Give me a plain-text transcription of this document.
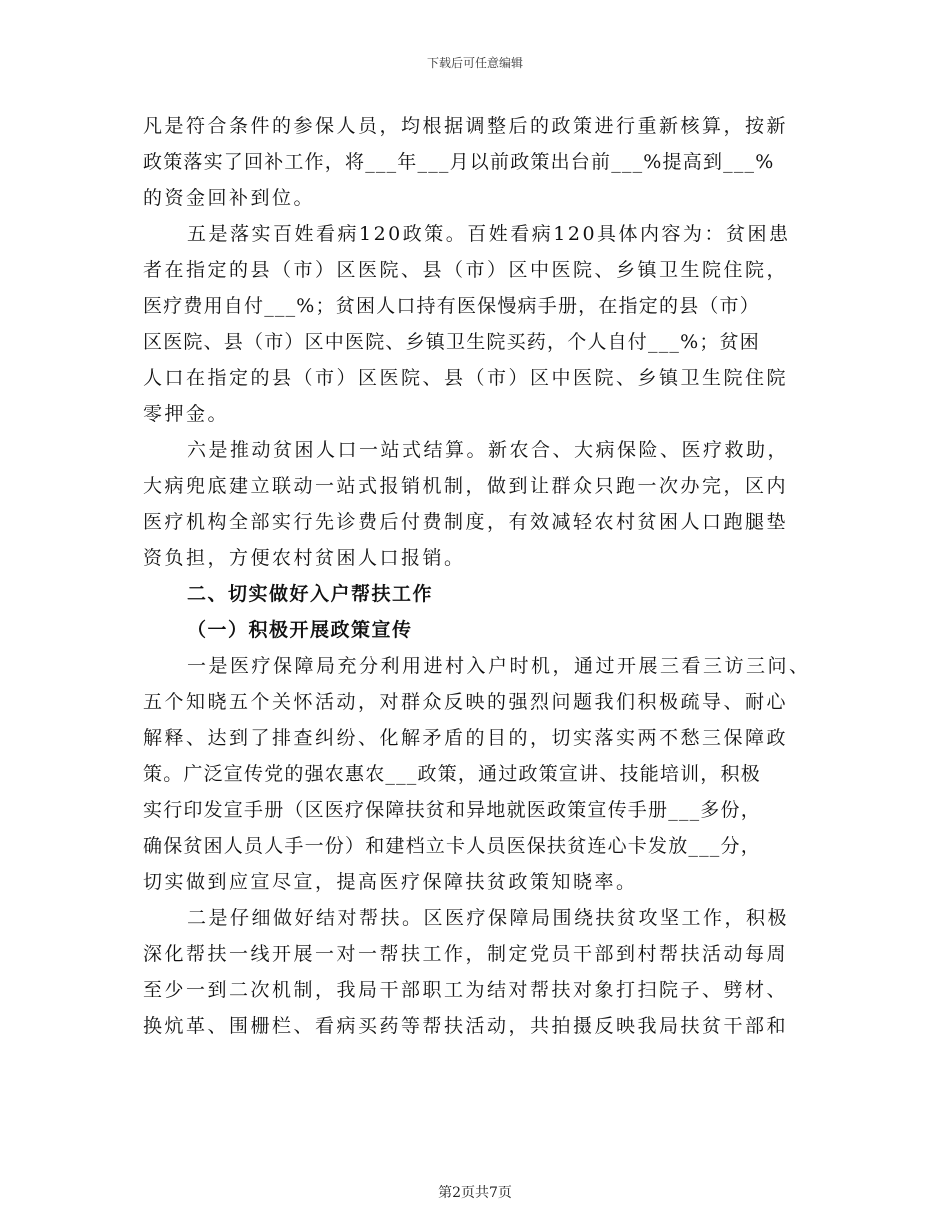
下载后可任意编辑

凡是符合条件的参保人员，均根据调整后的政策进行重新核算，按新

政策落实了回补工作，将___年___月以前政策出台前___%提高到___%

的资金回补到位。

五是落实百姓看病120政策。百姓看病120具体内容为：贫困患

者在指定的县（市）区医院、县（市）区中医院、乡镇卫生院住院，

医疗费用自付___%；贫困人口持有医保慢病手册，在指定的县（市）

区医院、县（市）区中医院、乡镇卫生院买药，个人自付___%；贫困

人口在指定的县（市）区医院、县（市）区中医院、乡镇卫生院住院

零押金。

六是推动贫困人口一站式结算。新农合、大病保险、医疗救助，

大病兜底建立联动一站式报销机制，做到让群众只跑一次办完，区内

医疗机构全部实行先诊费后付费制度，有效减轻农村贫困人口跑腿垫

资负担，方便农村贫困人口报销。

二、切实做好入户帮扶工作

（一）积极开展政策宣传

一是医疗保障局充分利用进村入户时机，通过开展三看三访三问、

五个知晓五个关怀活动，对群众反映的强烈问题我们积极疏导、耐心

解释、达到了排查纠纷、化解矛盾的目的，切实落实两不愁三保障政

策。广泛宣传党的强农惠农___政策，通过政策宣讲、技能培训，积极

实行印发宣手册（区医疗保障扶贫和异地就医政策宣传手册___多份，

确保贫困人员人手一份）和建档立卡人员医保扶贫连心卡发放___分，

切实做到应宣尽宣，提高医疗保障扶贫政策知晓率。

二是仔细做好结对帮扶。区医疗保障局围绕扶贫攻坚工作，积极

深化帮扶一线开展一对一帮扶工作，制定党员干部到村帮扶活动每周

至少一到二次机制，我局干部职工为结对帮扶对象打扫院子、劈材、

换炕革、围栅栏、看病买药等帮扶活动，共拍摄反映我局扶贫干部和

第2页共7页
